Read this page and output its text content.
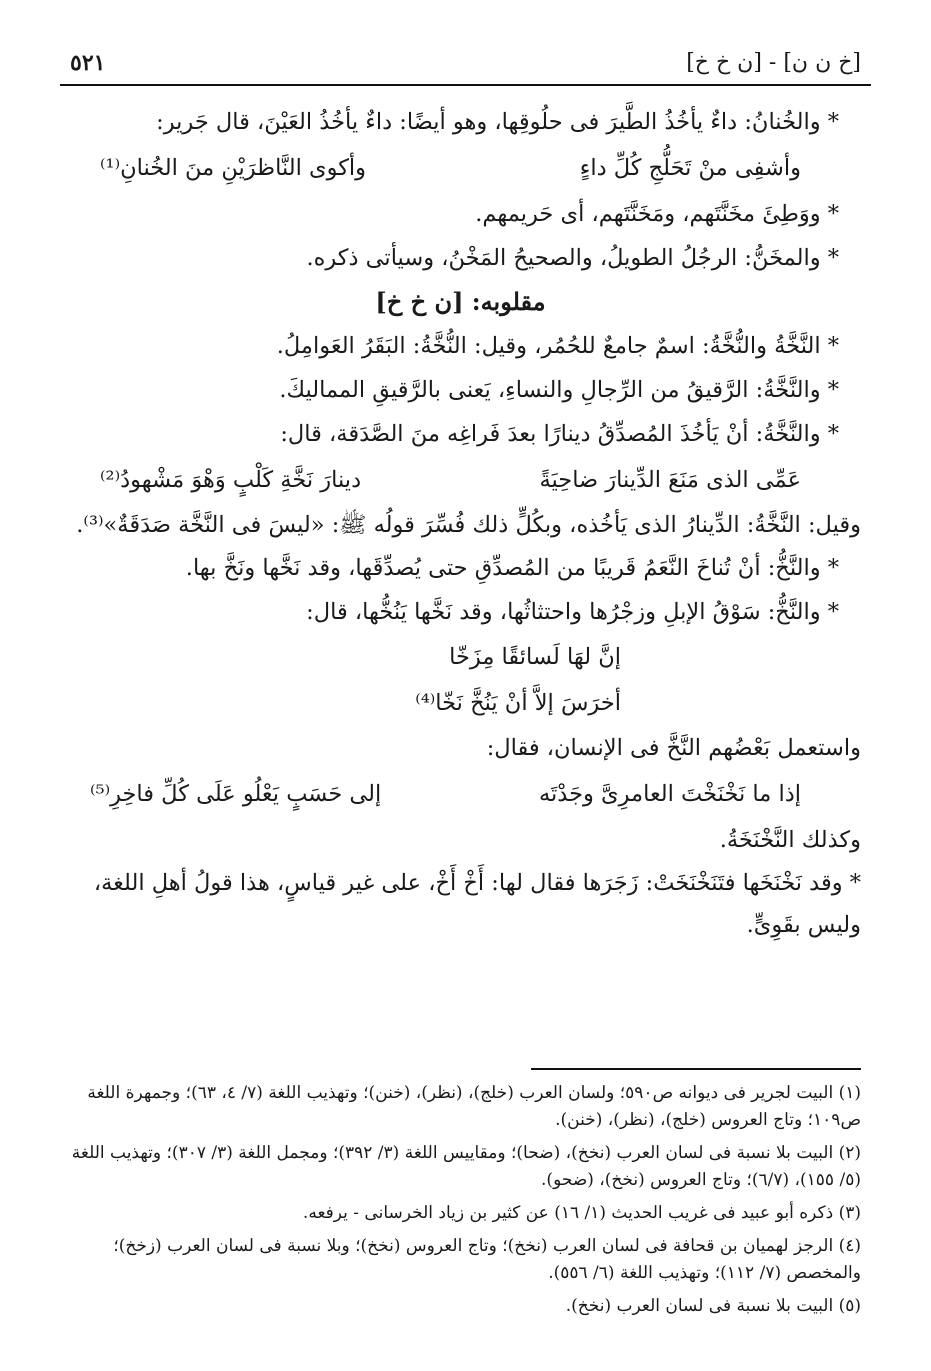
[خ ن ن] - [ن خ خ]
٥٢١
* والخُنانُ: داءٌ يأخُذُ الطَّيرَ فى حلُوقِها، وهو أيضًا: داءٌ يأخُذُ العَيْنَ، قال جَرير:
وأشفِى منْ تَحَلُّجِ كُلِّ داءٍ
وأكوى النَّاظرَيْنِ منَ الخُنانِ⁽¹⁾
* ووَطِئَ مخَنَّتَهم، ومَخَنَّتَهم، أى حَريمهم.
* والمخَنُّ: الرجُلُ الطويلُ، والصحيحُ المَخْنُ، وسيأتى ذكره.
مقلوبه: [ن خ خ]
* النَّخَّةُ والنُّخَّةُ: اسمٌ جامعٌ للحُمُر، وقيل: النُّخَّةُ: البَقَرُ العَوامِلُ.
* والنَّخَّةُ: الرَّقيقُ من الرِّجالِ والنساءِ، يَعنى بالرَّقيقِ المماليكَ.
* والنَّخَّةُ: أنْ يَأخُذَ المُصدِّقُ دينارًا بعدَ فَراغِه منَ الصَّدَقة، قال:
عَمِّى الذى مَنَعَ الدِّينارَ ضاحِيَةً
دينارَ نَخَّةِ كَلْبٍ وَهْوَ مَشْهودُ⁽²⁾
وقيل: النَّخَّةُ: الدِّينارُ الذى يَأخُذه، وبكُلٍّ ذلك فُسِّرَ قولُه ﷺ: «ليسَ فى النَّخَّة صَدَقَةٌ»⁽³⁾.
* والنَّخُّ: أنْ تُناخَ النَّعَمُ قَريبًا من المُصدِّقِ حتى يُصدِّقَها، وقد نَخَّها ونَخَّ بها.
* والنَّخُّ: سَوْقُ الإبلِ وزجْرُها واحتثاثُها، وقد نَخَّها يَنُخُّها، قال:
إنَّ لهَا لَسائقًا مِزَخّا
أخرَسَ إلاَّ أنْ يَنُخَّ نَخّا⁽⁴⁾
واستعمل بَعْضُهم النَّخَّ فى الإنسان، فقال:
إذا ما نَخْنَخْتَ العامرِىَّ وجَدْتَه
إلى حَسَبٍ يَعْلُو عَلَى كُلِّ فاخِرِ⁽⁵⁾
وكذلك النَّخْنَخَةُ.
* وقد نَخْنَخَها فتَنَخْنَخَتْ: زَجَرَها فقال لها: أَخْ أَخْ، على غير قياسٍ، هذا قولُ أهلِ اللغة، وليس بقَوِىٍّ.
(١) البيت لجرير فى ديوانه ص٥٩٠؛ ولسان العرب (خلج)، (نظر)، (خنن)؛ وتهذيب اللغة (٧/ ٤، ٦٣)؛ وجمهرة اللغة ص١٠٩؛ وتاج العروس (خلج)، (نظر)، (خنن).
(٢) البيت بلا نسبة فى لسان العرب (نخخ)، (ضحا)؛ ومقاييس اللغة (٣/ ٣٩٢)؛ ومجمل اللغة (٣/ ٣٠٧)؛ وتهذيب اللغة (٥/ ١٥٥)، (٦/٧)؛ وتاج العروس (نخخ)، (ضحو).
(٣) ذكره أبو عبيد فى غريب الحديث (١/ ١٦) عن كثير بن زياد الخرسانى - يرفعه.
(٤) الرجز لهميان بن قحافة فى لسان العرب (نخخ)؛ وتاج العروس (نخخ)؛ وبلا نسبة فى لسان العرب (زخخ)؛ والمخصص (٧/ ١١٢)؛ وتهذيب اللغة (٦/ ٥٥٦).
(٥) البيت بلا نسبة فى لسان العرب (نخخ).
